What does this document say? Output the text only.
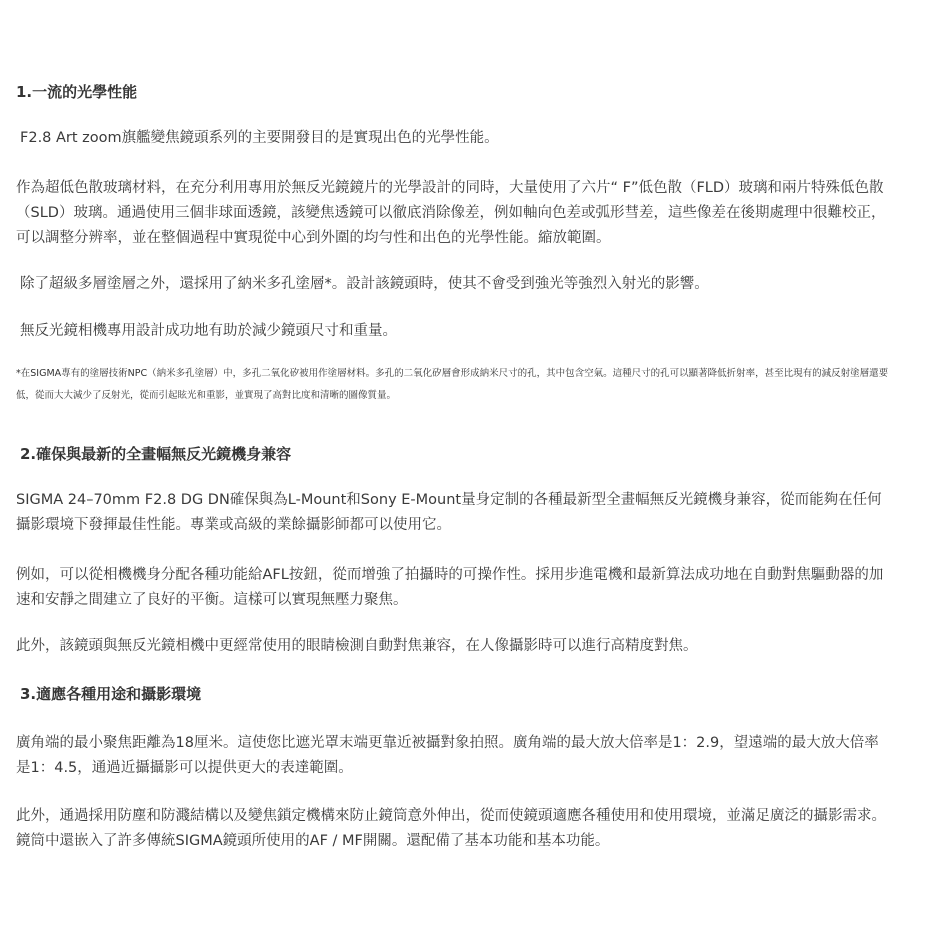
1.一流的光學性能
F2.8 Art zoom旗艦變焦鏡頭系列的主要開發目的是實現出色的光學性能。
作為超低色散玻璃材料，在充分利用專用於無反光鏡鏡片的光學設計的同時，大量使用了六片“ F”低色散（FLD）玻璃和兩片特殊低色散（SLD）玻璃。通過使用三個非球面透鏡，該變焦透鏡可以徹底消除像差，例如軸向色差或弧形彗差，這些像差在後期處理中很難校正，可以調整分辨率，並在整個過程中實現從中心到外圍的均勻性和出色的光學性能。縮放範圍。
除了超級多層塗層之外，還採用了納米多孔塗層*。設計該鏡頭時，使其不會受到強光等強烈入射光的影響。
無反光鏡相機專用設計成功地有助於減少鏡頭尺寸和重量。
*在SIGMA專有的塗層技術NPC（納米多孔塗層）中，多孔二氧化矽被用作塗層材料。多孔的二氧化矽層會形成納米尺寸的孔，其中包含空氣。這種尺寸的孔可以顯著降低折射率，甚至比現有的減反射塗層還要低，從而大大減少了反射光，從而引起眩光和重影，並實現了高對比度和清晰的圖像質量。
2.確保與最新的全畫幅無反光鏡機身兼容
SIGMA 24–70mm F2.8 DG DN確保與為L-Mount和Sony E-Mount量身定制的各種最新型全畫幅無反光鏡機身兼容，從而能夠在任何攝影環境下發揮最佳性能。專業或高級的業餘攝影師都可以使用它。
例如，可以從相機機身分配各種功能給AFL按鈕，從而增強了拍攝時的可操作性。採用步進電機和最新算法成功地在自動對焦驅動器的加速和安靜之間建立了良好的平衡。這樣可以實現無壓力聚焦。
此外，該鏡頭與無反光鏡相機中更經常使用的眼睛檢測自動對焦兼容，在人像攝影時可以進行高精度對焦。
3.適應各種用途和攝影環境
廣角端的最小聚焦距離為18厘米。這使您比遮光罩末端更靠近被攝對象拍照。廣角端的最大放大倍率是1：2.9，望遠端的最大放大倍率是1：4.5，通過近攝攝影可以提供更大的表達範圍。
此外，通過採用防塵和防濺結構以及變焦鎖定機構來防止鏡筒意外伸出，從而使鏡頭適應各種使用和使用環境，並滿足廣泛的攝影需求。鏡筒中還嵌入了許多傳統SIGMA鏡頭所使用的AF / MF開關。還配備了基本功能和基本功能。
